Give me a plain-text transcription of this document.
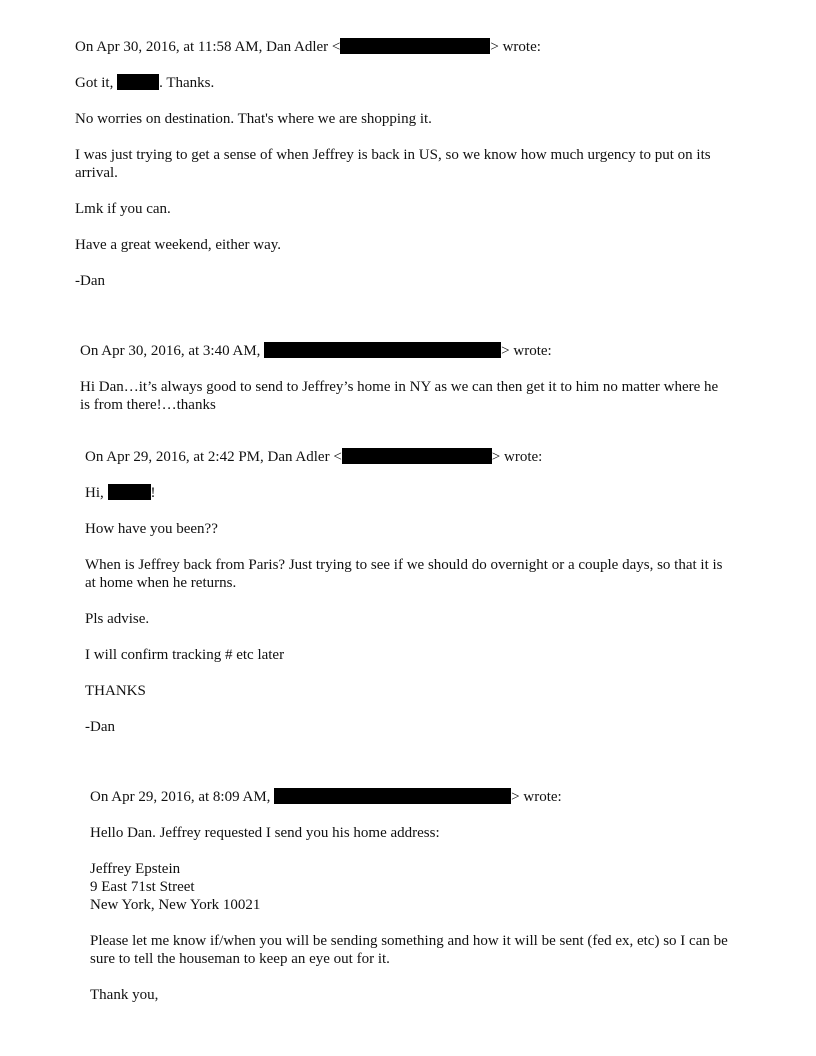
On Apr 30, 2016, at 11:58 AM, Dan Adler <	> wrote:
Got it,	. Thanks.
No worries on destination. That's where we are shopping it.
I was just trying to get a sense of when Jeffrey is back in US, so we know how much urgency to put on its arrival.
Lmk if you can.
Have a great weekend, either way.
-Dan
On Apr 30, 2016, at 3:40 AM,	> wrote:
Hi Dan…it’s always good to send to Jeffrey’s home in NY as we can then get it to him no matter where he is from there!…thanks
On Apr 29, 2016, at 2:42 PM, Dan Adler <	> wrote:
Hi,	!
How have you been??
When is Jeffrey back from Paris? Just trying to see if we should do overnight or a couple days, so that it is at home when he returns.
Pls advise.
I will confirm tracking # etc later
THANKS
-Dan
On Apr 29, 2016, at 8:09 AM,	> wrote:
Hello Dan. Jeffrey requested I send you his home address:
Jeffrey Epstein
9 East 71st Street
New York, New York 10021
Please let me know if/when you will be sending something and how it will be sent (fed ex, etc) so I can be sure to tell the houseman to keep an eye out for it.
Thank you,
